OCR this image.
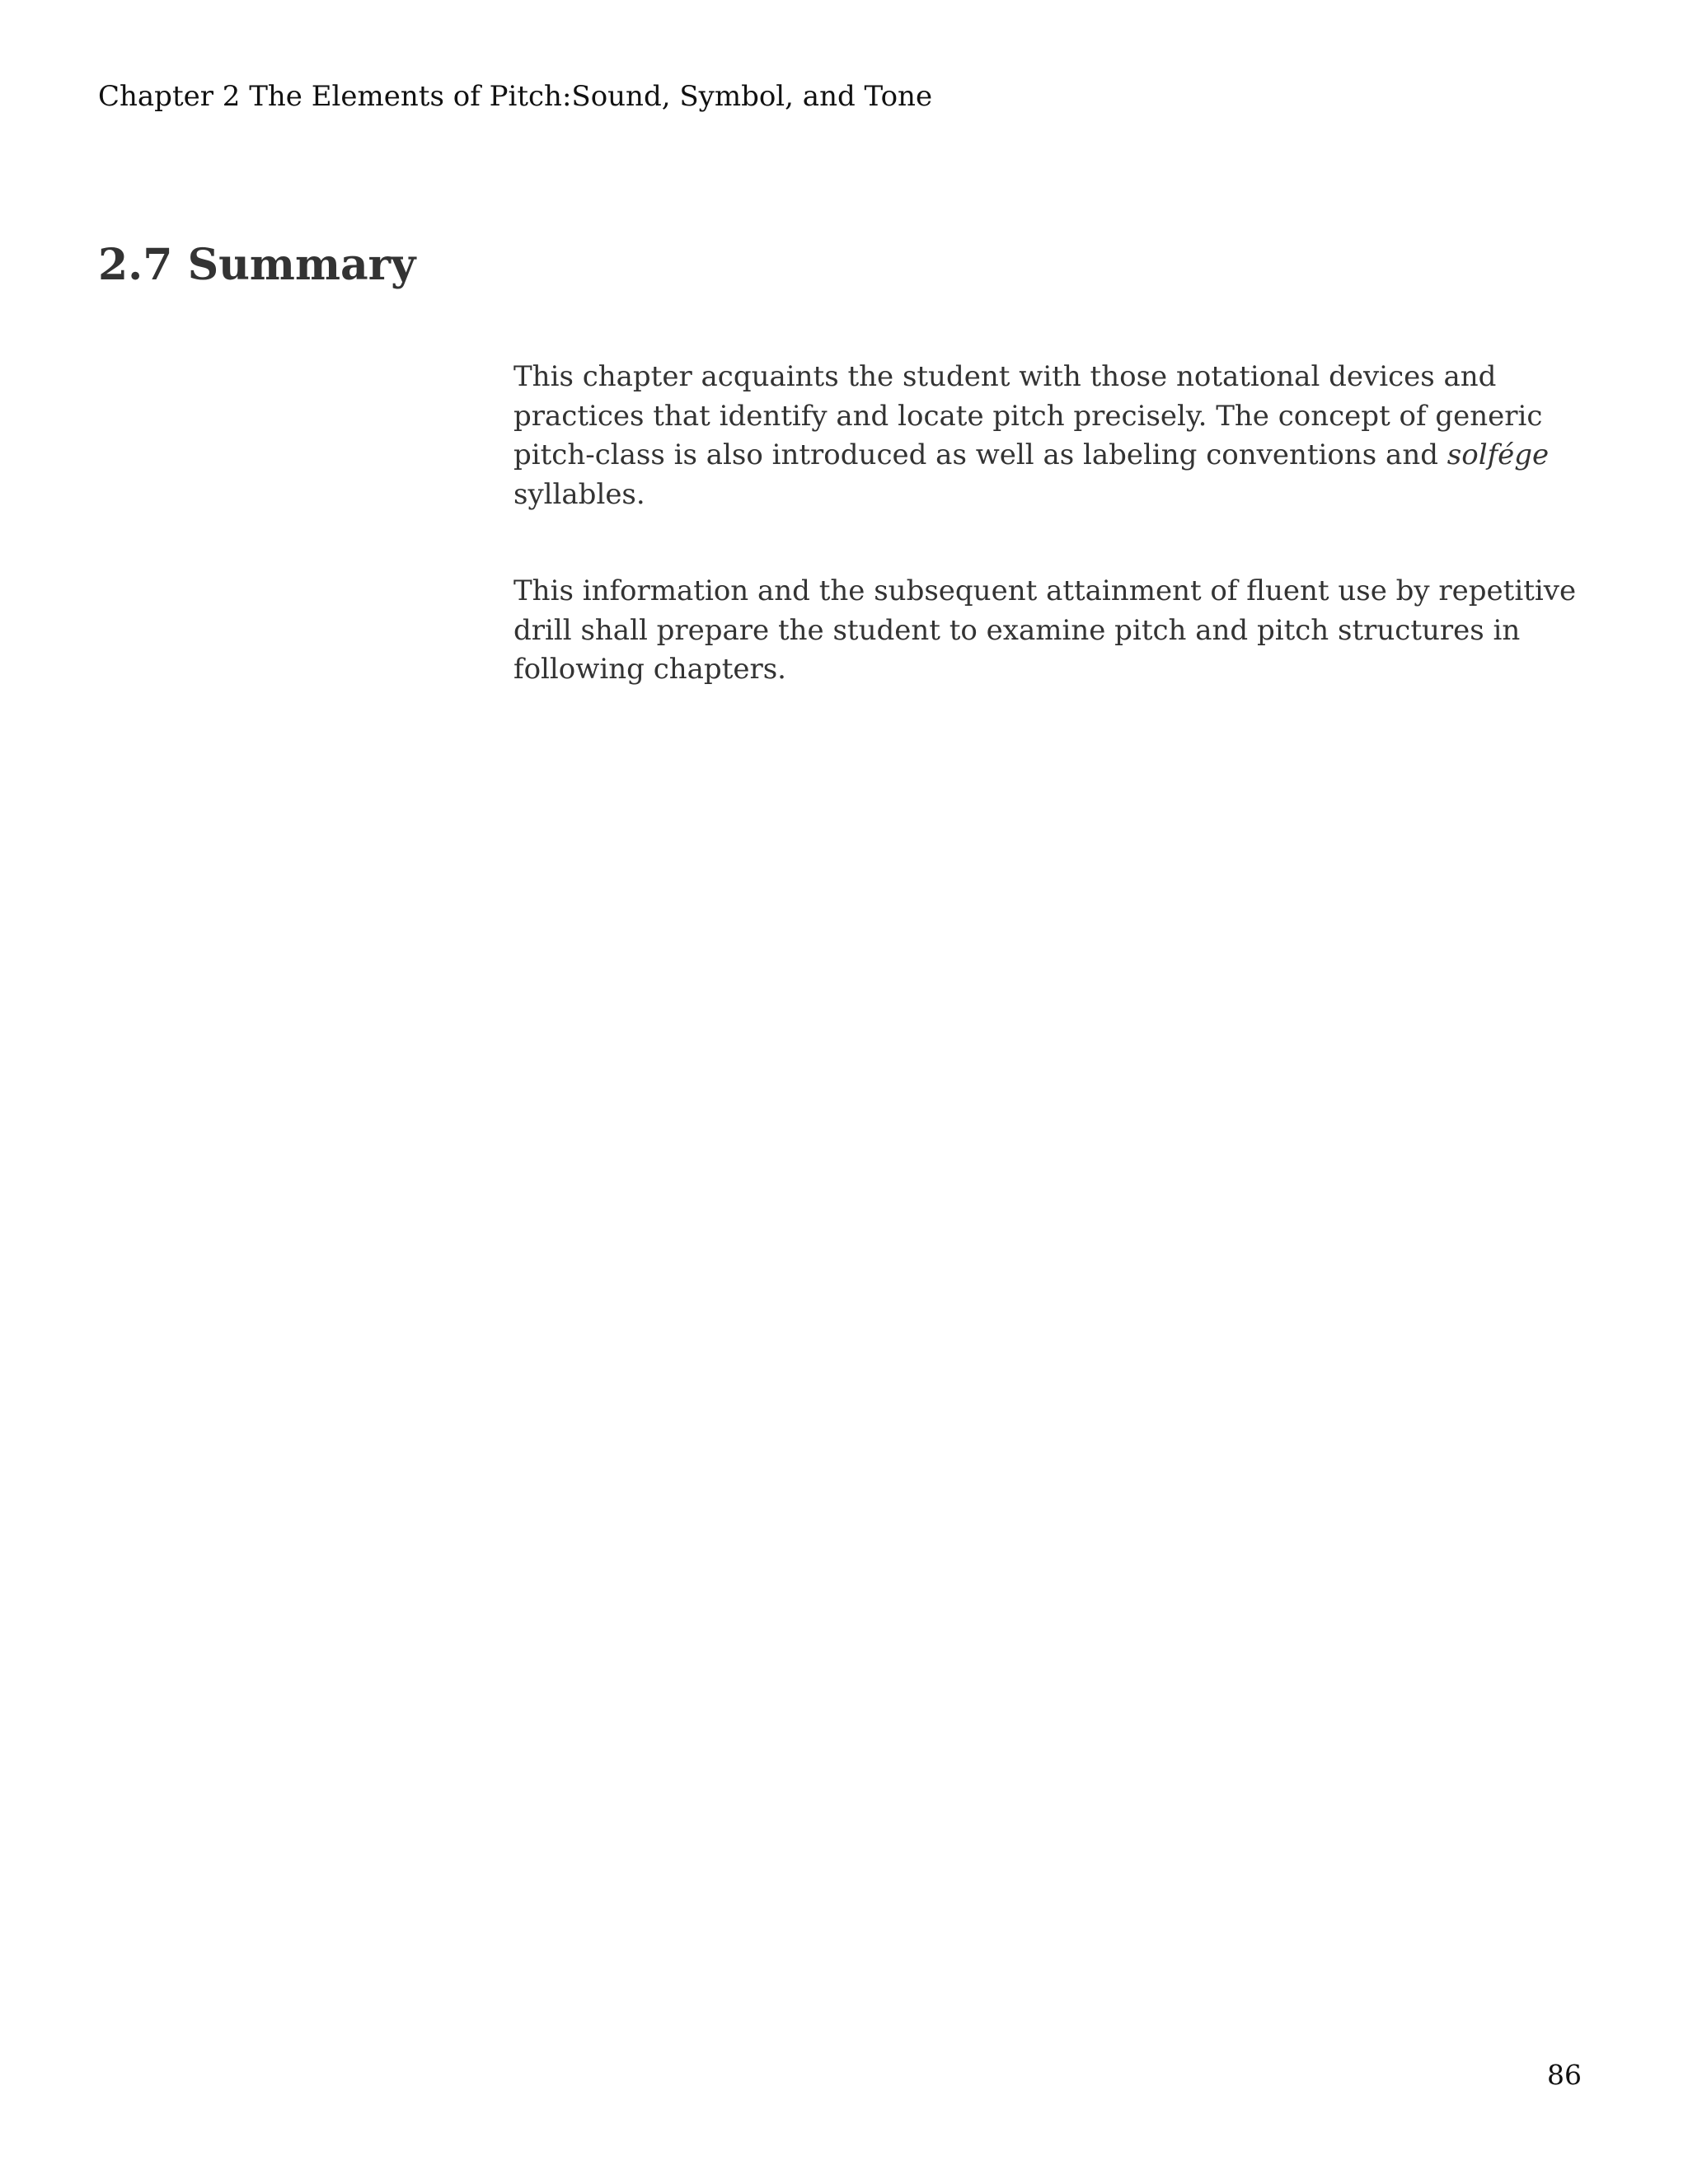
Chapter 2 The Elements of Pitch:Sound, Symbol, and Tone
2.7 Summary

This chapter acquaints the student with those notational devices and practices that identify and locate pitch precisely. The concept of generic pitch-class is also introduced as well as labeling conventions and solfége syllables.

This information and the subsequent attainment of fluent use by repetitive drill shall prepare the student to examine pitch and pitch structures in following chapters.

86
